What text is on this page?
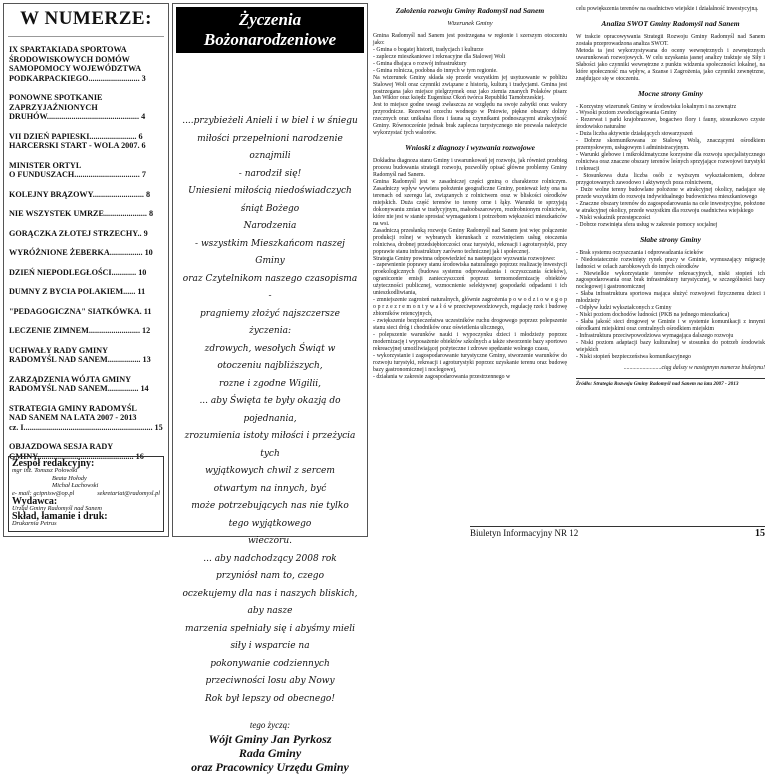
W NUMERZE:
IX SPARTAKIADA SPORTOWA
ŚRODOWISKOWYCH DOMÓW
SAMOPOMOCY WOJEWÓDZTWA
PODKARPACKIEGO......................... 3
PONOWNE SPOTKANIE
ZAPRZYJAŹNIONYCH
DRUHÓW............................................. 4
VII DZIEŃ PAPIESKI....................... 6
HARCERSKI START - WOLA 2007. 6
MINISTER ORTYL
O FUNDUSZACH................................ 7
KOLEJNY BRĄZOWY......................... 8
NIE WSZYSTEK UMRZE..................... 8
GORĄCZKA ZŁOTEJ STRZECHY.. 9
WYRÓŻNIONE ŻEBERKA................ 10
DZIEŃ NIEPODLEGŁOŚCI............ 10
DUMNY Z BYCIA POLAKIEM...... 11
"PEDAGOGICZNA" SIATKÓWKA. 11
LECZENIE ZIMNEM......................... 12
UCHWAŁY RADY GMINY
RADOMYŚL NAD SANEM................ 13
ZARZĄDZENIA WÓJTA GMINY
RADOMYŚL NAD SANEM............... 14
STRATEGIA GMINY RADOMYŚL
NAD SANEM NA LATA 2007 - 2013
cz. I............................................................... 15
OBJAZDOWA SESJA RADY
GMINY............................................... 16
Zespół redakcyjny:
mgr inż. Tomasz Połowski
Beata Hołody
Michał Łachowski
e- mail: gcipnisw@op.pl	sekretariat@radomysl.pl
Wydawca:
Urząd Gminy Radomyśl nad Sanem
Skład, łamanie i druk:
Drukarnia Petrus
Życzenia Bożonarodzeniowe

....przybieżeli Anieli i w biel i w śniegu
miłości przepełnioni narodzenie oznajmili
- narodził się!
Uniesieni miłością niedoświadczych śniąt Bożego
Narodzenia
- wszystkim Mieszkańcom naszej Gminy
oraz Czytelnikom naszego czasopisma -
pragniemy złożyć najszczersze życzenia:
zdrowych, wesołych Świąt w otoczeniu najbliższych,
rozne i zgodne Wigilii,
... aby Święta te były okazją do pojednania,
zrozumienia istoty miłości i przeżycia tych
wyjątkowych chwil z sercem otwartym na innych, być
może potrzebujących nas nie tylko tego wyjątkowego
wieczoru.
... aby nadchodzący 2008 rok przyniósł nam to, czego
oczekujemy dla nas i naszych bliskich, aby nasze
marzenia spełniały się i abyśmy mieli siły i wsparcie na
pokonywanie codziennych przeciwności losu aby Nowy
Rok był lepszy od obecnego!

tego życzą:
Wójt Gminy Jan Pyrkosz
Rada Gminy
oraz Pracownicy Urzędu Gminy
Założenia rozwoju Gminy Radomyśl nad Sanem
Wizerunek Gminy

Gmina Radomyśl nad Sanem jest postrzegana w regionie i szerszym otoczeniu jako:
- Gmina o bogatej historii, tradycjach i kulturze
- zaplecze mieszkaniowe i rekreacyjne dla Stalowej Woli
- Gmina dbająca o rozwój infrastruktury
- Gmina rolnicza, podobna do innych w tym regionie.
Na wizerunek Gminy składa się przede wszystkim jej usytuowanie w pobliżu Stalowej Woli oraz czynniki związane z historią, kulturą i tradycjami. Gmina jest postrzegana jako miejsce pielgrzymek oraz jako ziemia znanych Polaków pisarz Jan Wiktor oraz księdz Eugeniusz Okoń twórca Republiki Tarnobrzeskiej.
Jest to miejsce godne uwagi zwłaszcza ze względu na swoje zabytki oraz walory przyrodnicze. Rezerwat orzechu wodnego w Pniowie, piękne obszary doliny rzecznych oraz unikalna flora i fauna są czynnikami podnoszącymi atrakcyjność Gminy. Równocześnie jednak brak zaplecza turystycznego nie pozwala należycie wykorzystać tych walorów.

Wnioski z diagnozy i wyzwania rozwojowe

Dokładna diagnoza stanu Gminy i uwarunkowań jej rozwoju, jak również przebieg procesu budowania strategii rozwoju, pozwoliły opisać główne problemy Gminy Radomyśl nad Sanem.
Gmina Radomyśl jest w zasadniczej części gminą o charakterze rolniczym. Zasadniczy wpływ wywiera położenie geograficzne Gminy, ponieważ leży ona na terenach od szeregu lat, związanych z rolnictwem oraz w bliskości ośrodków miejskich. Duża część terenów to tereny orne i łąky. Warunki te sprzyjają dokonywaniu zmian w tradycyjnym, małoobszarowym, rozdrobnionym rolnictwie, które nie jest w stanie sprostać wymaganiom i potrzebom większości mieszkańców na wsi.
Zasadniczą przesłanką rozwoju Gminy Radomyśl nad Sanem jest więc połączenie produkcji rolnej w wybranych kierunkach z rozwinięciem usług otoczenia rolnictwa, drobnej przedsiębiorczości oraz turystyki, rekreacji i agroturystyki, przy poprawie stanu infrastruktury zarówno technicznej jak i społecznej.
Strategia Gminy powinna odpowiedzieć na następujące wyzwania rozwojowe:
- zapewnienie poprawy stanu środowiska naturalnego poprzez realizację inwestycji proekologicznych (budowa systemu odprowadzania i oczyszczania ścieków), ograniczenie emisji zanieczyszczeń poprzez termomodernizację obiektów użyteczności publicznej, wzmocnienie selektywnej gospodarki odpadami i ich unieszkodliwiania,
- zmniejszenie zagrożeń naturalnych, głównie zagrożenia p o w o d z i o w e g o p o p r z e z r e m o n t y w a ł ó w przeciwpowodziowych, regulację rzek i budowę zbiorników retencyjnych,
- zwiększenie bezpieczeństwa uczestników ruchu drogowego poprzez polepszenie stanu sieci dróg i chodników oraz oświetlenia ulicznego,
- polepszenie warunków nauki i wypoczynku dzieci i młodzieży poprzez modernizację i wyposażenie obiektów szkolnych a także stworzenie bazy sportowo rekreacyjnej umożliwiającej pożyteczne i zdrowe spędzanie wolnego czasu,
- wykorzystanie i zagospodarowanie turystyczne Gminy, stworzenie warunków do rozwoju turystyki, rekreacji i agroturystyki poprzez uzyskanie terenu oraz budowę bazy gastronomicznej i noclegowej,
- działania w zakresie zagospodarowania przestrzennego w

celu powiększenia terenów na osadnictwo wiejskie i działalność inwestycyjną.

Analiza SWOT Gminy Radomyśl nad Sanem

W trakcie opracowywania Strategii Rozwoju Gminy Radomyśl nad Sanem została przeprowadzona analiza SWOT.
Metoda ta jest wykorzystywana do oceny wewnętrznych i zewnętrznych uwarunkowań rozwojowych. W celu uzyskania jasnej analizy traktuje się Siły i Słabości jako czynniki wewnętrzne z punktu widzenia społeczności lokalnej, na które społeczność ma wpływ, a Szanse i Zagrożenia, jako czynniki zewnętrzne, znajdujące się w otoczeniu.

Mocne strony Gminy

- Korzystny wizerunek Gminy w środowisku lokalnym i na zewnątrz
- Wysoki poziom zwodociągowania Gminy
- Rezerwat i parki krajobrazowe, bogactwo flory i fauny, stosunkowo czyste środowisko naturalne
- Duża liczba aktywnie działających stowarzyszeń
- Dobrze skomunikowana ze Stalową Wolą, znaczącymi ośrodkiem przemysłowym, usługowym i administracyjnym.
- Warunki glebowe i mikroklimatyczne korzystne dla rozwoju specjalistycznego rolnictwa oraz znaczne obszary terenów leśnych sprzyjające rozwojowi turystyki i rekreacji
- Stosunkowa duża liczba osób z wyższym wykształceniem, dobrze przygotowanych zawodowo i aktywnych poza rolnictwem,
- Duże wolne tereny budowlane położone w atrakcyjnej okolicy, nadające się przede wszystkim do rozwoju indywidualnego budownictwa mieszkaniowego
- Znaczne obszary terenów do zagospodarowania na cele inwestycyjne, położone w atrakcyjnej okolicy, przede wszystkim dla rozwoju osadnictwa wiejskiego
- Niski wskaźnik przestępczości
- Dobrze rozwinięta sfera usług w zakresie pomocy socjalnej

Słabe strony Gminy

- Brak systemu oczyszczania i odprowadzania ścieków
- Niedostatecznie rozwinięty rynek pracy w Gminie, wymuszający migrację ludności w celach zarobkowych do innych ośrodków
- Niewielkie wykorzystanie terenów rekreacyjnych, niski stopień ich zagospodarowania oraz brak infrastruktury turystycznej, w szczególności bazy noclegowej i gastronomicznej
- Słaba infrastruktura sportowa mająca służyć rozwojowi fizycznemu dzieci i młodzieży
- Odpływ ludzi wykształconych z Gminy
- Niski poziom dochodów ludności (PKB na jednego mieszkańca)
- Słaba jakość sieci drogowej w Gminie i w systemie komunikacji z innymi ośrodkami miejskimi oraz centralnych ośrodkiem miejskim
- Infrastruktura przeciwpowodziowa wymagająca dalszego rozwoju
- Niski poziom adaptacji bazy kulturalnej w stosunku do potrzeb środowisk wiejskich
- Niski stopień bezpieczeństwa komunikacyjnego

..........................ciąg dalszy w następnym numerze biuletynu!
Źródło: Strategia Rozwoju Gminy Radomyśl nad Sanem na lata 2007 - 2013
Biuletyn Informacyjny NR 12	15
